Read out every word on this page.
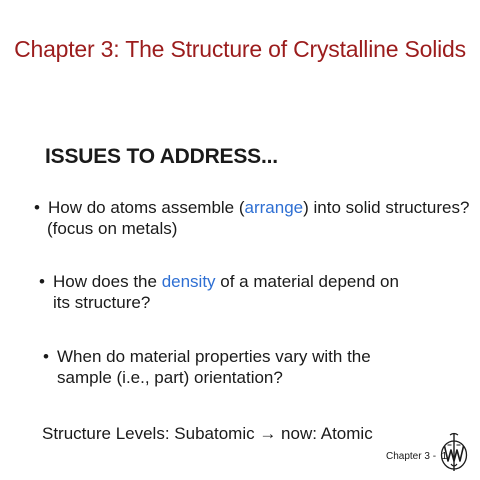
Chapter 3: The Structure of Crystalline Solids
ISSUES TO ADDRESS...
• How do atoms assemble (arrange) into solid structures?
(focus on metals)
• How does the density of a material depend on
its structure?
• When do material properties vary with the
sample (i.e., part) orientation?
Structure Levels: Subatomic → now: Atomic
Chapter 3 - 1
